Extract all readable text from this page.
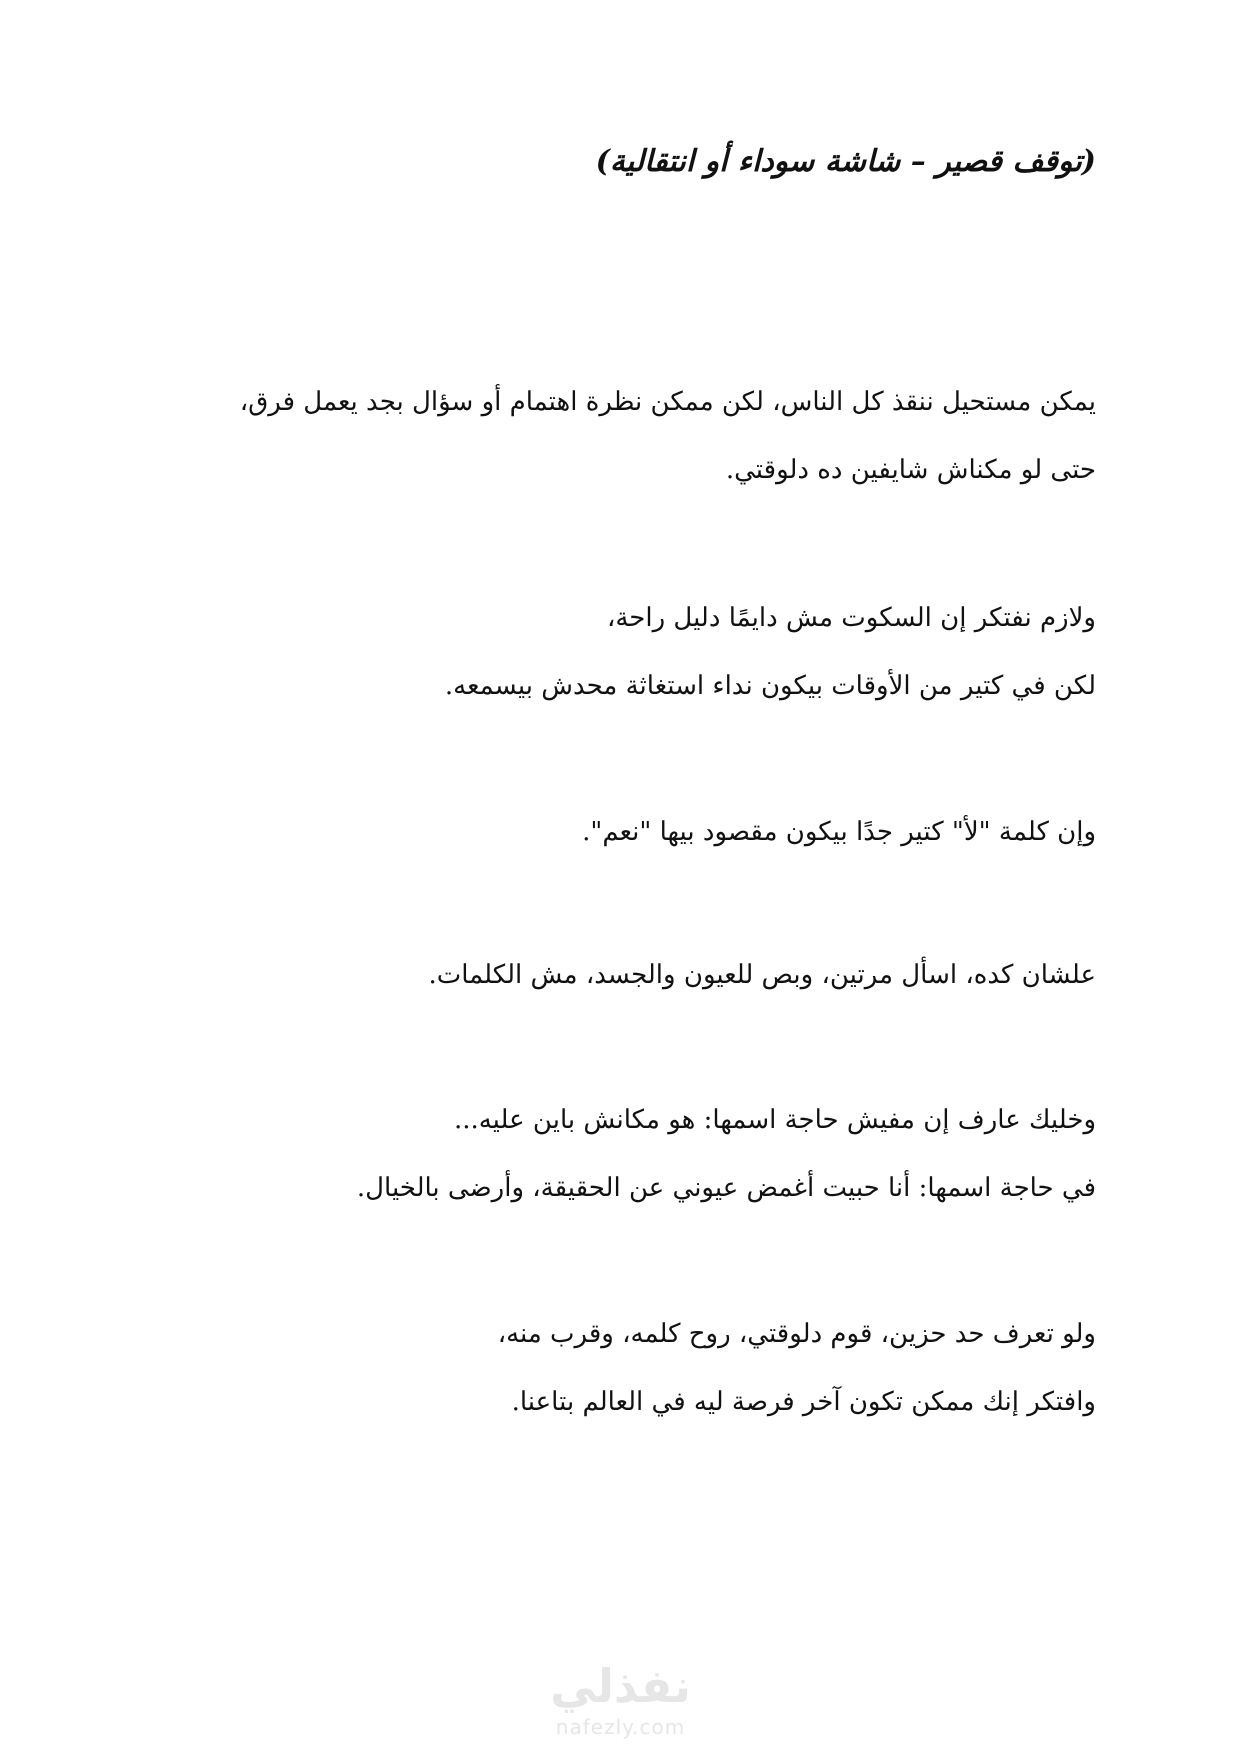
(توقف قصير – شاشة سوداء أو انتقالية)
يمكن مستحيل ننقذ كل الناس، لكن ممكن نظرة اهتمام أو سؤال بجد يعمل فرق،
حتى لو مكناش شايفين ده دلوقتي.
ولازم نفتكر إن السكوت مش دايمًا دليل راحة،
لكن في كتير من الأوقات بيكون نداء استغاثة محدش بيسمعه.
وإن كلمة "لأ" كتير جدًا بيكون مقصود بيها "نعم".
علشان كده، اسأل مرتين، وبص للعيون والجسد، مش الكلمات.
وخليك عارف إن مفيش حاجة اسمها: هو مكانش باين عليه...
في حاجة اسمها: أنا حبيت أغمض عيوني عن الحقيقة، وأرضى بالخيال.
ولو تعرف حد حزين، قوم دلوقتي، روح كلمه، وقرب منه،
وافتكر إنك ممكن تكون آخر فرصة ليه في العالم بتاعنا.
نفذلي
nafezly.com
